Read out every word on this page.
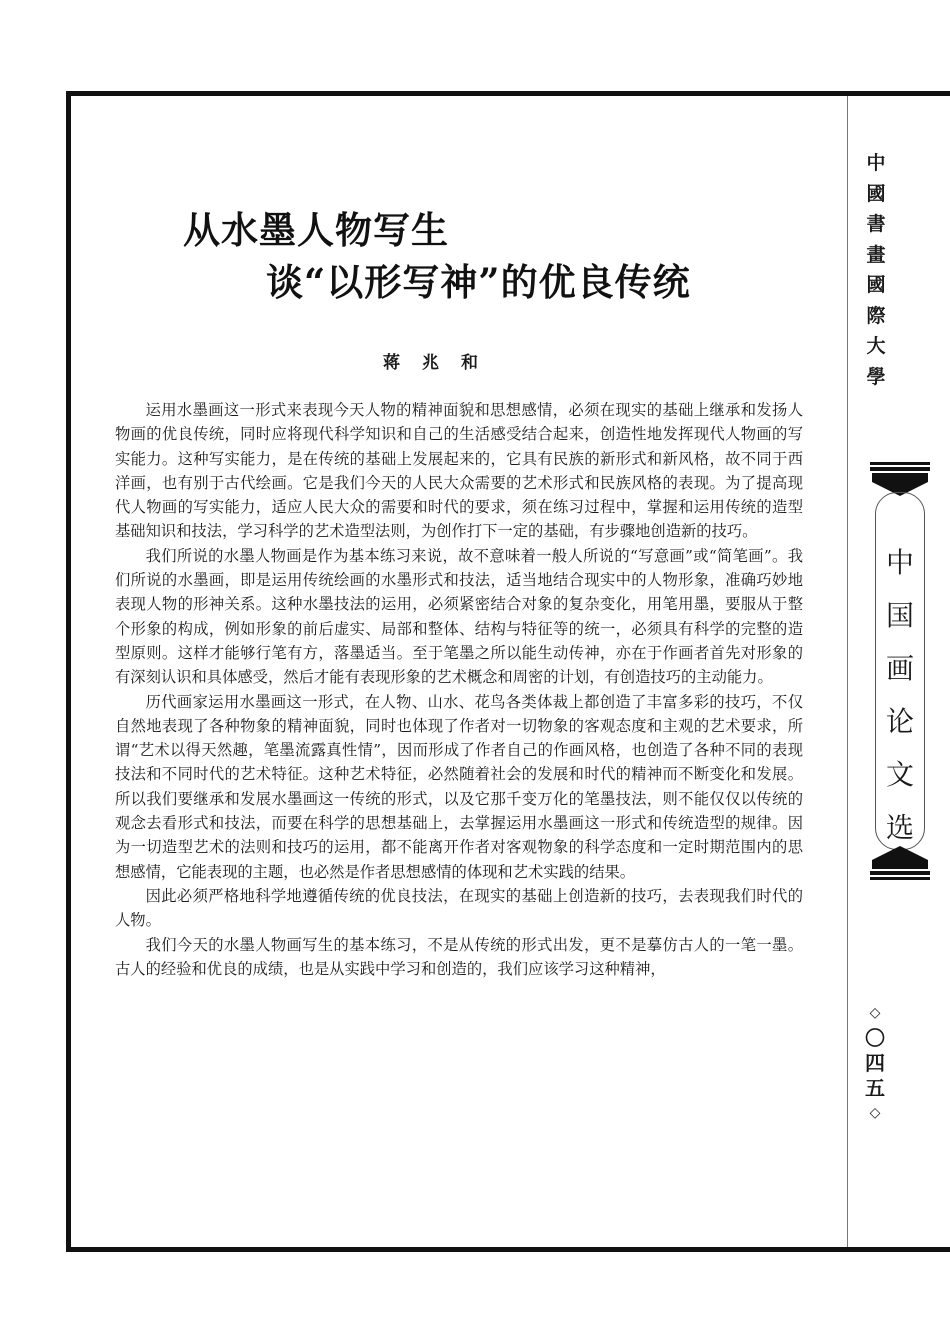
从水墨人物写生
谈“以形写神”的优良传统
蒋兆和

运用水墨画这一形式来表现今天人物的精神面貌和思想感情，必须在现实的基础上继承和发扬人物画的优良传统，同时应将现代科学知识和自己的生活感受结合起来，创造性地发挥现代人物画的写实能力。这种写实能力，是在传统的基础上发展起来的，它具有民族的新形式和新风格，故不同于西洋画，也有别于古代绘画。它是我们今天的人民大众需要的艺术形式和民族风格的表现。为了提高现代人物画的写实能力，适应人民大众的需要和时代的要求，须在练习过程中，掌握和运用传统的造型基础知识和技法，学习科学的艺术造型法则，为创作打下一定的基础，有步骤地创造新的技巧。

我们所说的水墨人物画是作为基本练习来说，故不意味着一般人所说的“写意画”或“简笔画”。我们所说的水墨画，即是运用传统绘画的水墨形式和技法，适当地结合现实中的人物形象，准确巧妙地表现人物的形神关系。这种水墨技法的运用，必须紧密结合对象的复杂变化，用笔用墨，要服从于整个形象的构成，例如形象的前后虚实、局部和整体、结构与特征等的统一，必须具有科学的完整的造型原则。这样才能够行笔有方，落墨适当。至于笔墨之所以能生动传神，亦在于作画者首先对形象的有深刻认识和具体感受，然后才能有表现形象的艺术概念和周密的计划，有创造技巧的主动能力。

历代画家运用水墨画这一形式，在人物、山水、花鸟各类体裁上都创造了丰富多彩的技巧，不仅自然地表现了各种物象的精神面貌，同时也体现了作者对一切物象的客观态度和主观的艺术要求，所谓“艺术以得天然趣，笔墨流露真性情”，因而形成了作者自己的作画风格，也创造了各种不同的表现技法和不同时代的艺术特征。这种艺术特征，必然随着社会的发展和时代的精神而不断变化和发展。所以我们要继承和发展水墨画这一传统的形式，以及它那千变万化的笔墨技法，则不能仅仅以传统的观念去看形式和技法，而要在科学的思想基础上，去掌握运用水墨画这一形式和传统造型的规律。因为一切造型艺术的法则和技巧的运用，都不能离开作者对客观物象的科学态度和一定时期范围内的思想感情，它能表现的主题，也必然是作者思想感情的体现和艺术实践的结果。

因此必须严格地科学地遵循传统的优良技法，在现实的基础上创造新的技巧，去表现我们时代的人物。

我们今天的水墨人物画写生的基本练习，不是从传统的形式出发，更不是摹仿古人的一笔一墨。古人的经验和优良的成绩，也是从实践中学习和创造的，我们应该学习这种精神，

中
國
書
畫
國
際
大
學
中
国
画
论
文
选
◇
〇
四
五
◇
